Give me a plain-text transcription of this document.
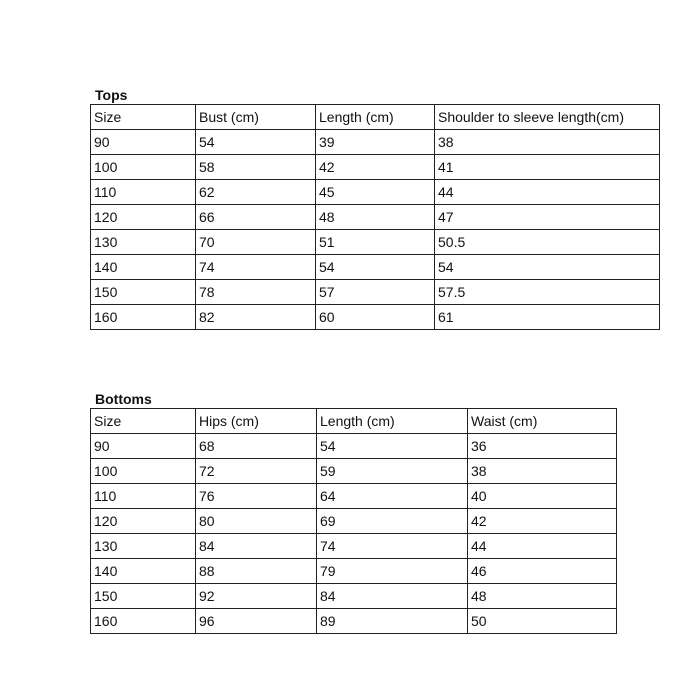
Tops
Size	Bust (cm)	Length (cm)	Shoulder to sleeve length(cm)
90	54	39	38
100	58	42	41
110	62	45	44
120	66	48	47
130	70	51	50.5
140	74	54	54
150	78	57	57.5
160	82	60	61
Bottoms
Size	Hips (cm)	Length (cm)	Waist (cm)
90	68	54	36
100	72	59	38
110	76	64	40
120	80	69	42
130	84	74	44
140	88	79	46
150	92	84	48
160	96	89	50
